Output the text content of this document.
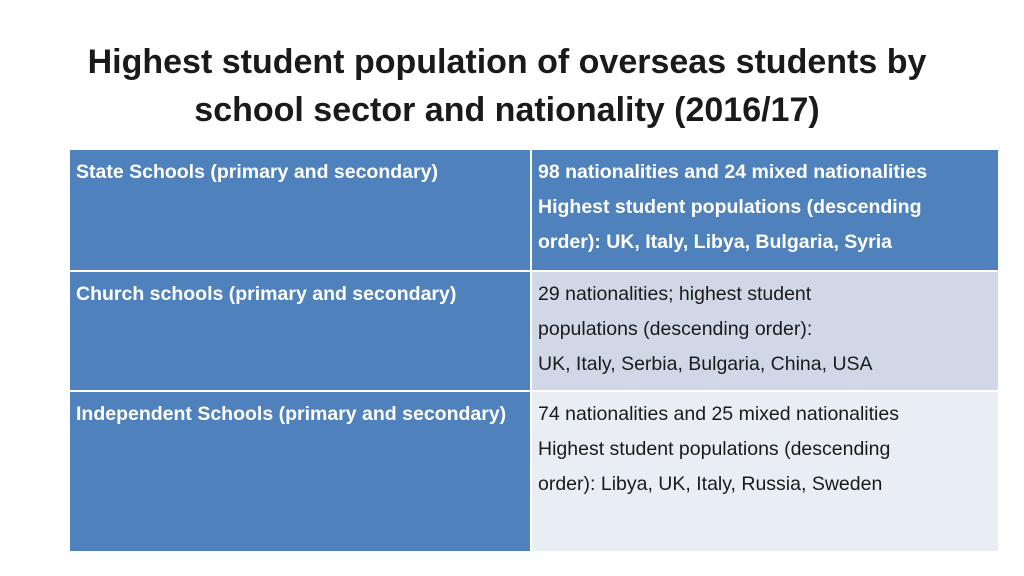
Highest student population of overseas students by
school sector and nationality (2016/17)
State Schools (primary and secondary)	98 nationalities and 24 mixed nationalities
Highest student populations (descending
order): UK, Italy, Libya, Bulgaria, Syria
Church schools (primary and secondary)	29 nationalities; highest student
populations (descending order):
UK, Italy, Serbia, Bulgaria, China, USA
Independent Schools (primary and secondary)	74 nationalities and 25 mixed nationalities
Highest student populations (descending
order): Libya, UK, Italy, Russia, Sweden
